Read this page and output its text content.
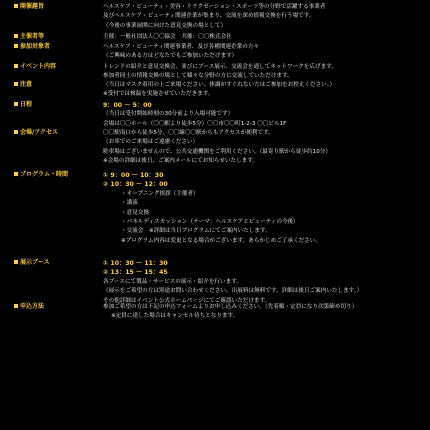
開催趣旨	ヘルスケア・ビューティ・美容・リラクゼーション・スポーツ等の分野で活躍する事業者
及びヘルスケア・ビューティ関連企業が集まり、交流を深め情報交換を行う場です。
（今後の事業展開に向けた意見交換の場として）
主催者等	主催：一般社団法人〇〇協会　共催：〇〇株式会社
参加対象者	ヘルスケア・ビューティ関連事業者、及び各種関連企業の方々
（ご興味のある方はどなたでもご参加いただけます）
イベント内容	トレンドの紹介と意見交換会、並びにブース展示、交流会を通してネットワークを広げます。
参加者同士の情報交換の場として様々な分野の方に交流していただけます。
注意	（当日はマスク着用の上ご来場ください。体調がすぐれない方はご参加をお控えください。）
※受付では検温を実施させていただきます。
日程	9：00 ～ 5：00
（当日は受付開始時刻の30分前より入場可能です）
会場は〇〇ホール（〇〇駅より徒歩5分）〇〇市〇〇町1-2-3 〇〇ビル1F
会場/アクセス	〇〇駅南口から徒歩5分、〇〇線〇〇駅からもアクセスが便利です。
（お車でのご来場はご遠慮ください）
駐車場はございませんので、公共交通機関をご利用ください。（最寄り駅から徒歩約10分）
※会場の詳細は後日、ご案内メールにてお知らせいたします。
プログラム・時間	① 9：00 ～ 10：30
② 10：30 ～ 12：00
・オープニング挨拶（主催者）
・講演
・意見交換
・パネルディスカッション（テーマ：ヘルスケアとビューティの今後）
・交流会　※詳細は当日プログラムにてご案内いたします。
※プログラム内容は変更となる場合がございます。あらかじめご了承ください。
展示ブース	① 10：30 ～ 11：30
② 13：15 ～ 15：45
各ブースにて製品・サービスの展示・紹介を行います。
（展示をご希望の方は別途お問い合わせください。出展料は無料です。詳細は後日ご案内いたします。）
その他詳細はイベント公式ホームページにてご確認いただけます。
申込方法	参加ご希望の方は下記の申込フォームよりお申し込みください。（先着順・定員になり次第締め切り）
※定員に達した場合はキャンセル待ちとなります。
